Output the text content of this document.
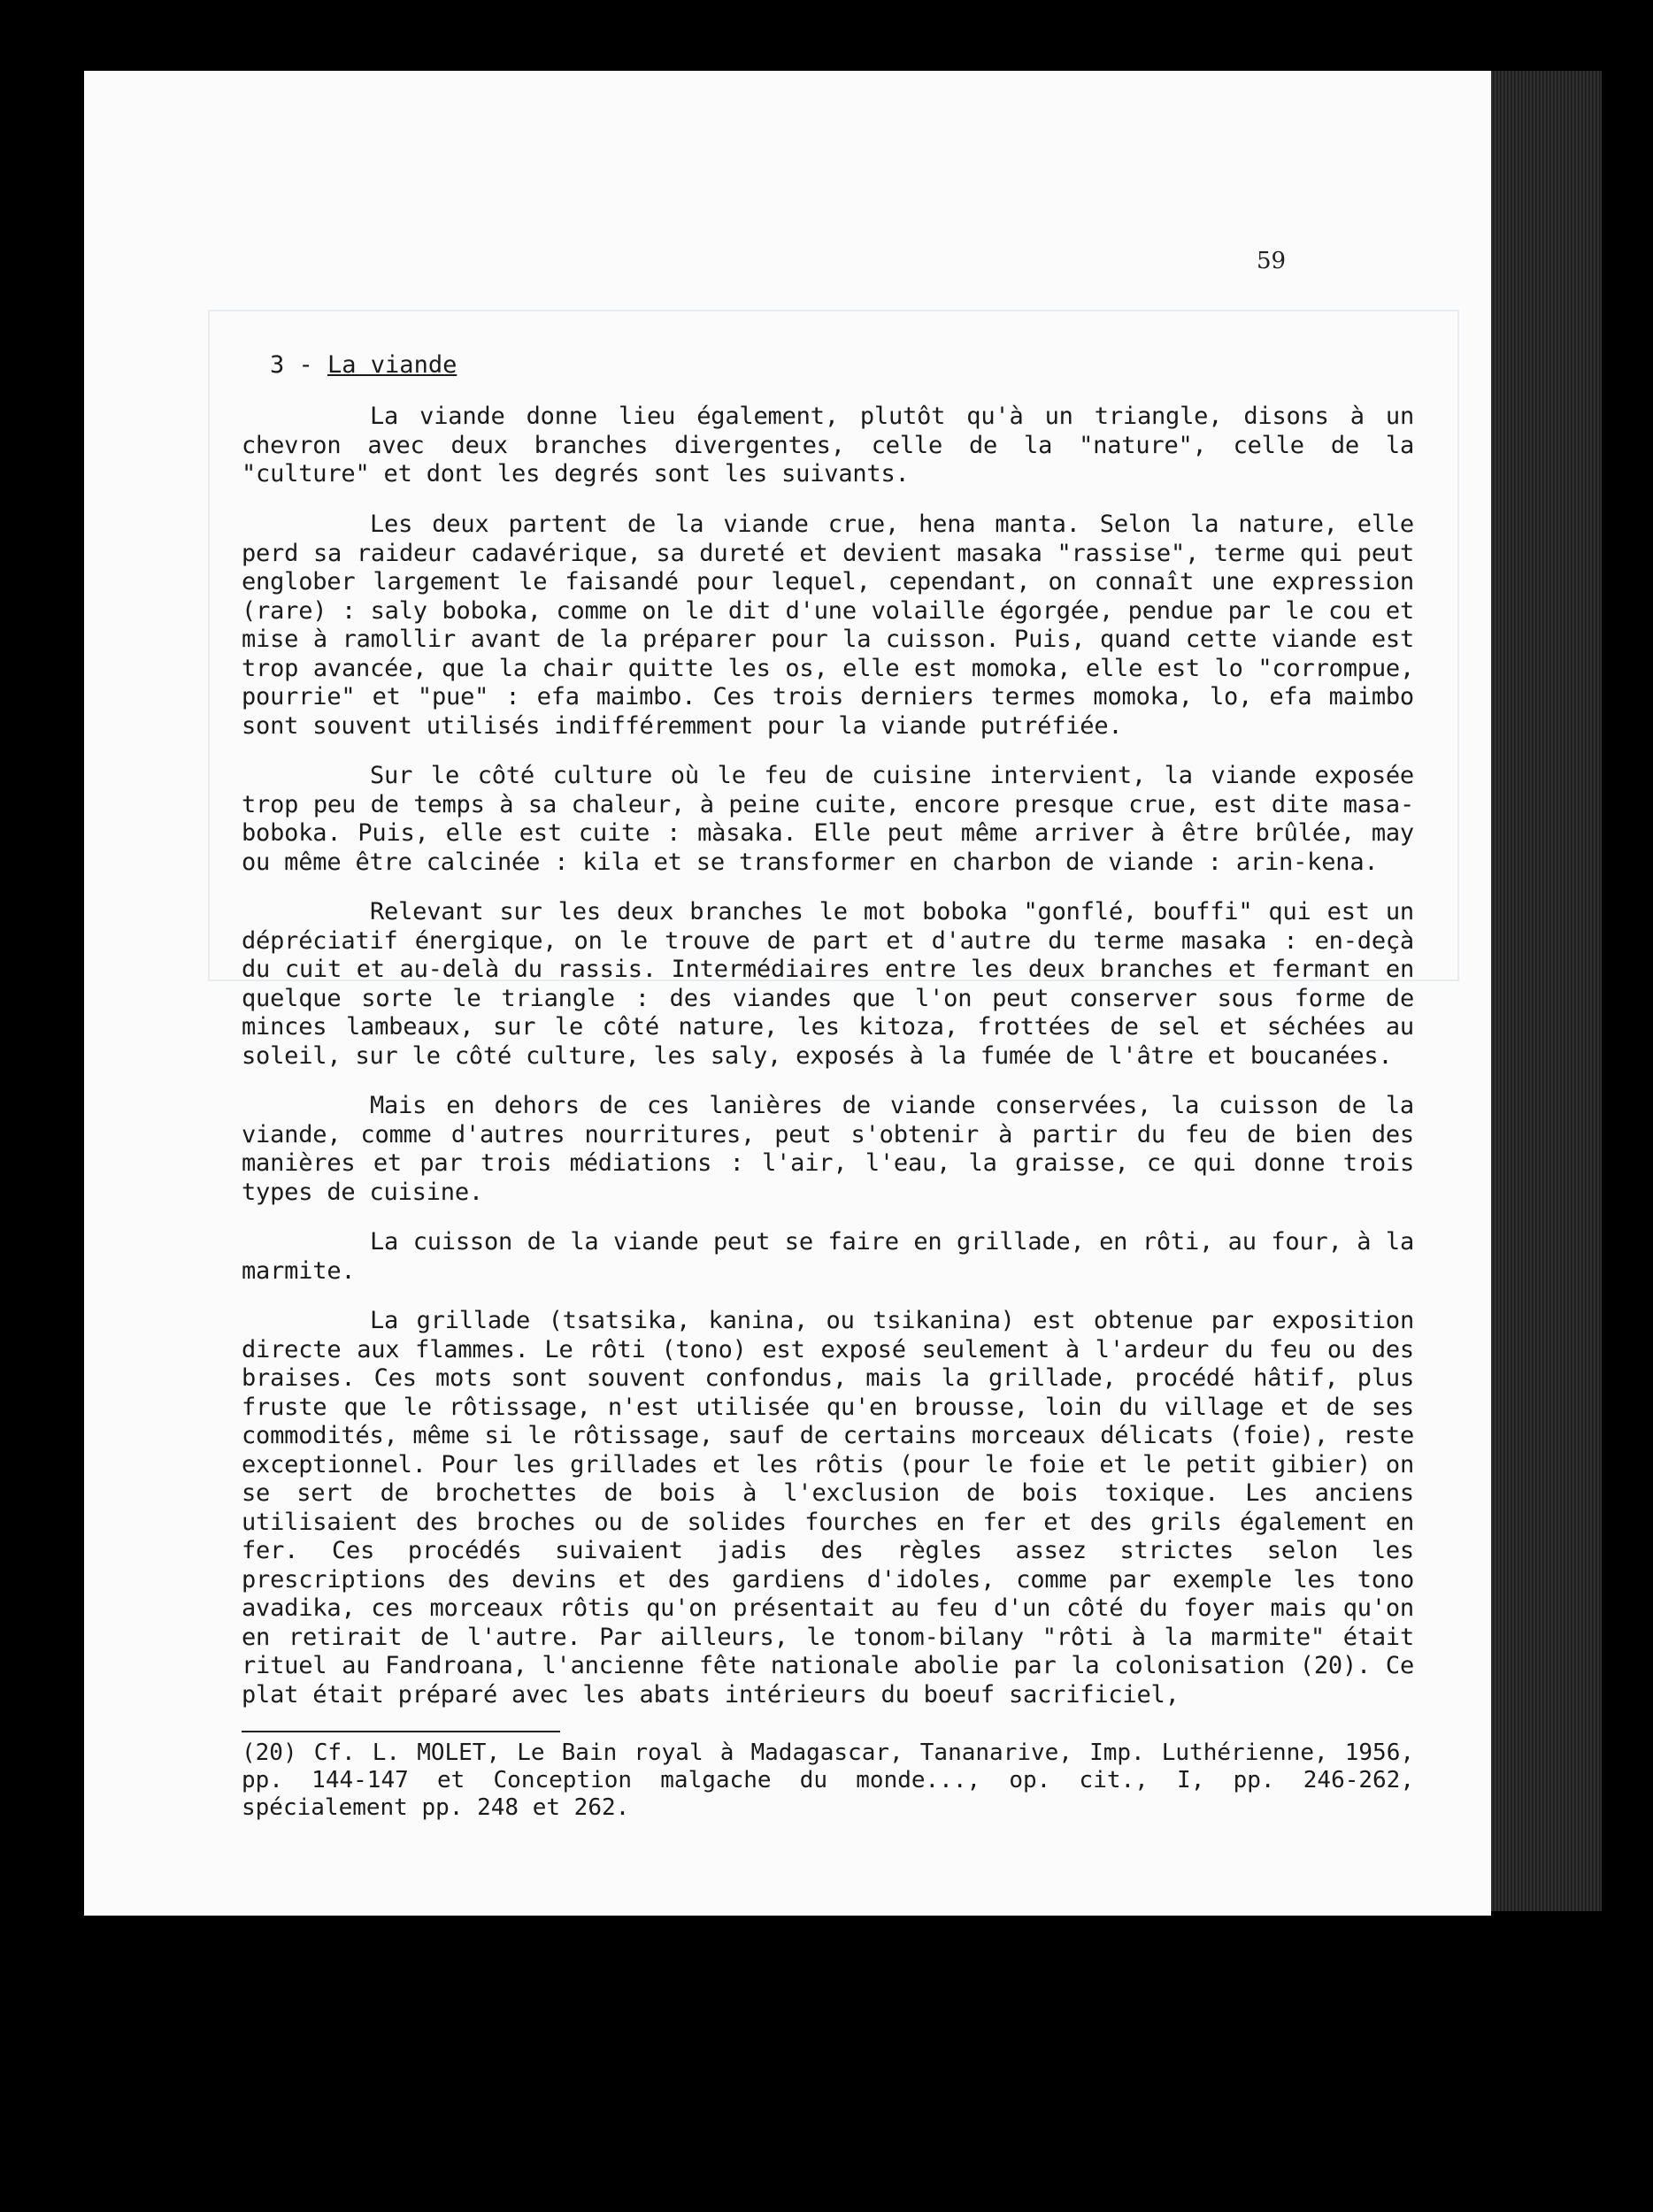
59
3 - La viande

La viande donne lieu également, plutôt qu'à un triangle, disons à un chevron avec deux branches divergentes, celle de la "nature", celle de la "culture" et dont les degrés sont les suivants.

Les deux partent de la viande crue, hena manta. Selon la nature, elle perd sa raideur cadavérique, sa dureté et devient masaka "rassise", terme qui peut englober largement le faisandé pour lequel, cependant, on connaît une expression (rare) : saly boboka, comme on le dit d'une volaille égorgée, pendue par le cou et mise à ramollir avant de la préparer pour la cuisson. Puis, quand cette viande est trop avancée, que la chair quitte les os, elle est momoka, elle est lo "corrompue, pourrie" et "pue" : efa maimbo. Ces trois derniers termes momoka, lo, efa maimbo sont souvent utilisés indifféremment pour la viande putréfiée.

Sur le côté culture où le feu de cuisine intervient, la viande exposée trop peu de temps à sa chaleur, à peine cuite, encore presque crue, est dite masa-boboka. Puis, elle est cuite : màsaka. Elle peut même arriver à être brûlée, may ou même être calcinée : kila et se transformer en charbon de viande : arin-kena.

Relevant sur les deux branches le mot boboka "gonflé, bouffi" qui est un dépréciatif énergique, on le trouve de part et d'autre du terme masaka : en-deçà du cuit et au-delà du rassis. Intermédiaires entre les deux branches et fermant en quelque sorte le triangle : des viandes que l'on peut conserver sous forme de minces lambeaux, sur le côté nature, les kitoza, frottées de sel et séchées au soleil, sur le côté culture, les saly, exposés à la fumée de l'âtre et boucanées.

Mais en dehors de ces lanières de viande conservées, la cuisson de la viande, comme d'autres nourritures, peut s'obtenir à partir du feu de bien des manières et par trois médiations : l'air, l'eau, la graisse, ce qui donne trois types de cuisine.

La cuisson de la viande peut se faire en grillade, en rôti, au four, à la marmite.

La grillade (tsatsika, kanina, ou tsikanina) est obtenue par exposition directe aux flammes. Le rôti (tono) est exposé seulement à l'ardeur du feu ou des braises. Ces mots sont souvent confondus, mais la grillade, procédé hâtif, plus fruste que le rôtissage, n'est utilisée qu'en brousse, loin du village et de ses commodités, même si le rôtissage, sauf de certains morceaux délicats (foie), reste exceptionnel. Pour les grillades et les rôtis (pour le foie et le petit gibier) on se sert de brochettes de bois à l'exclusion de bois toxique. Les anciens utilisaient des broches ou de solides fourches en fer et des grils également en fer. Ces procédés suivaient jadis des règles assez strictes selon les prescriptions des devins et des gardiens d'idoles, comme par exemple les tono avadika, ces morceaux rôtis qu'on présentait au feu d'un côté du foyer mais qu'on en retirait de l'autre. Par ailleurs, le tonom-bilany "rôti à la marmite" était rituel au Fandroana, l'ancienne fête nationale abolie par la colonisation (20). Ce plat était préparé avec les abats intérieurs du boeuf sacrificiel,

(20) Cf. L. MOLET, Le Bain royal à Madagascar, Tananarive, Imp. Luthérienne, 1956, pp. 144-147 et Conception malgache du monde..., op. cit., I, pp. 246-262, spécialement pp. 248 et 262.
